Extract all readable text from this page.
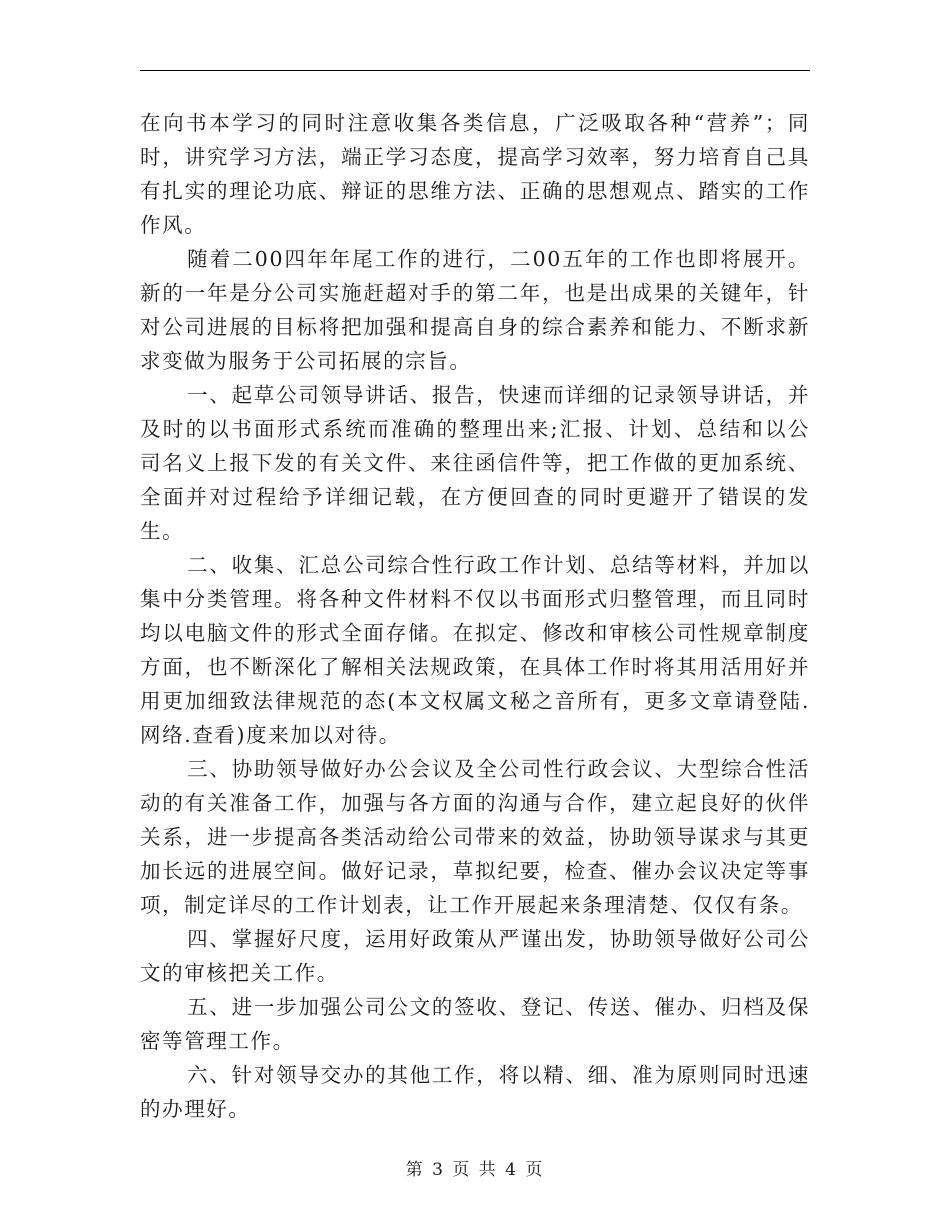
在向书本学习的同时注意收集各类信息，广泛吸取各种“营养”；同时，讲究学习方法，端正学习态度，提高学习效率，努力培育自己具有扎实的理论功底、辩证的思维方法、正确的思想观点、踏实的工作作风。

随着二00四年年尾工作的进行，二00五年的工作也即将展开。新的一年是分公司实施赶超对手的第二年，也是出成果的关键年，针对公司进展的目标将把加强和提高自身的综合素养和能力、不断求新求变做为服务于公司拓展的宗旨。

一、起草公司领导讲话、报告，快速而详细的记录领导讲话，并及时的以书面形式系统而准确的整理出来;汇报、计划、总结和以公司名义上报下发的有关文件、来往函信件等，把工作做的更加系统、全面并对过程给予详细记载，在方便回查的同时更避开了错误的发生。

二、收集、汇总公司综合性行政工作计划、总结等材料，并加以集中分类管理。将各种文件材料不仅以书面形式归整管理，而且同时均以电脑文件的形式全面存储。在拟定、修改和审核公司性规章制度方面，也不断深化了解相关法规政策，在具体工作时将其用活用好并用更加细致法律规范的态(本文权属文秘之音所有，更多文章请登陆.网络.查看)度来加以对待。

三、协助领导做好办公会议及全公司性行政会议、大型综合性活动的有关准备工作，加强与各方面的沟通与合作，建立起良好的伙伴关系，进一步提高各类活动给公司带来的效益，协助领导谋求与其更加长远的进展空间。做好记录，草拟纪要，检查、催办会议决定等事项，制定详尽的工作计划表，让工作开展起来条理清楚、仅仅有条。

四、掌握好尺度，运用好政策从严谨出发，协助领导做好公司公文的审核把关工作。

五、进一步加强公司公文的签收、登记、传送、催办、归档及保密等管理工作。

六、针对领导交办的其他工作，将以精、细、准为原则同时迅速的办理好。

第 3 页 共 4 页
